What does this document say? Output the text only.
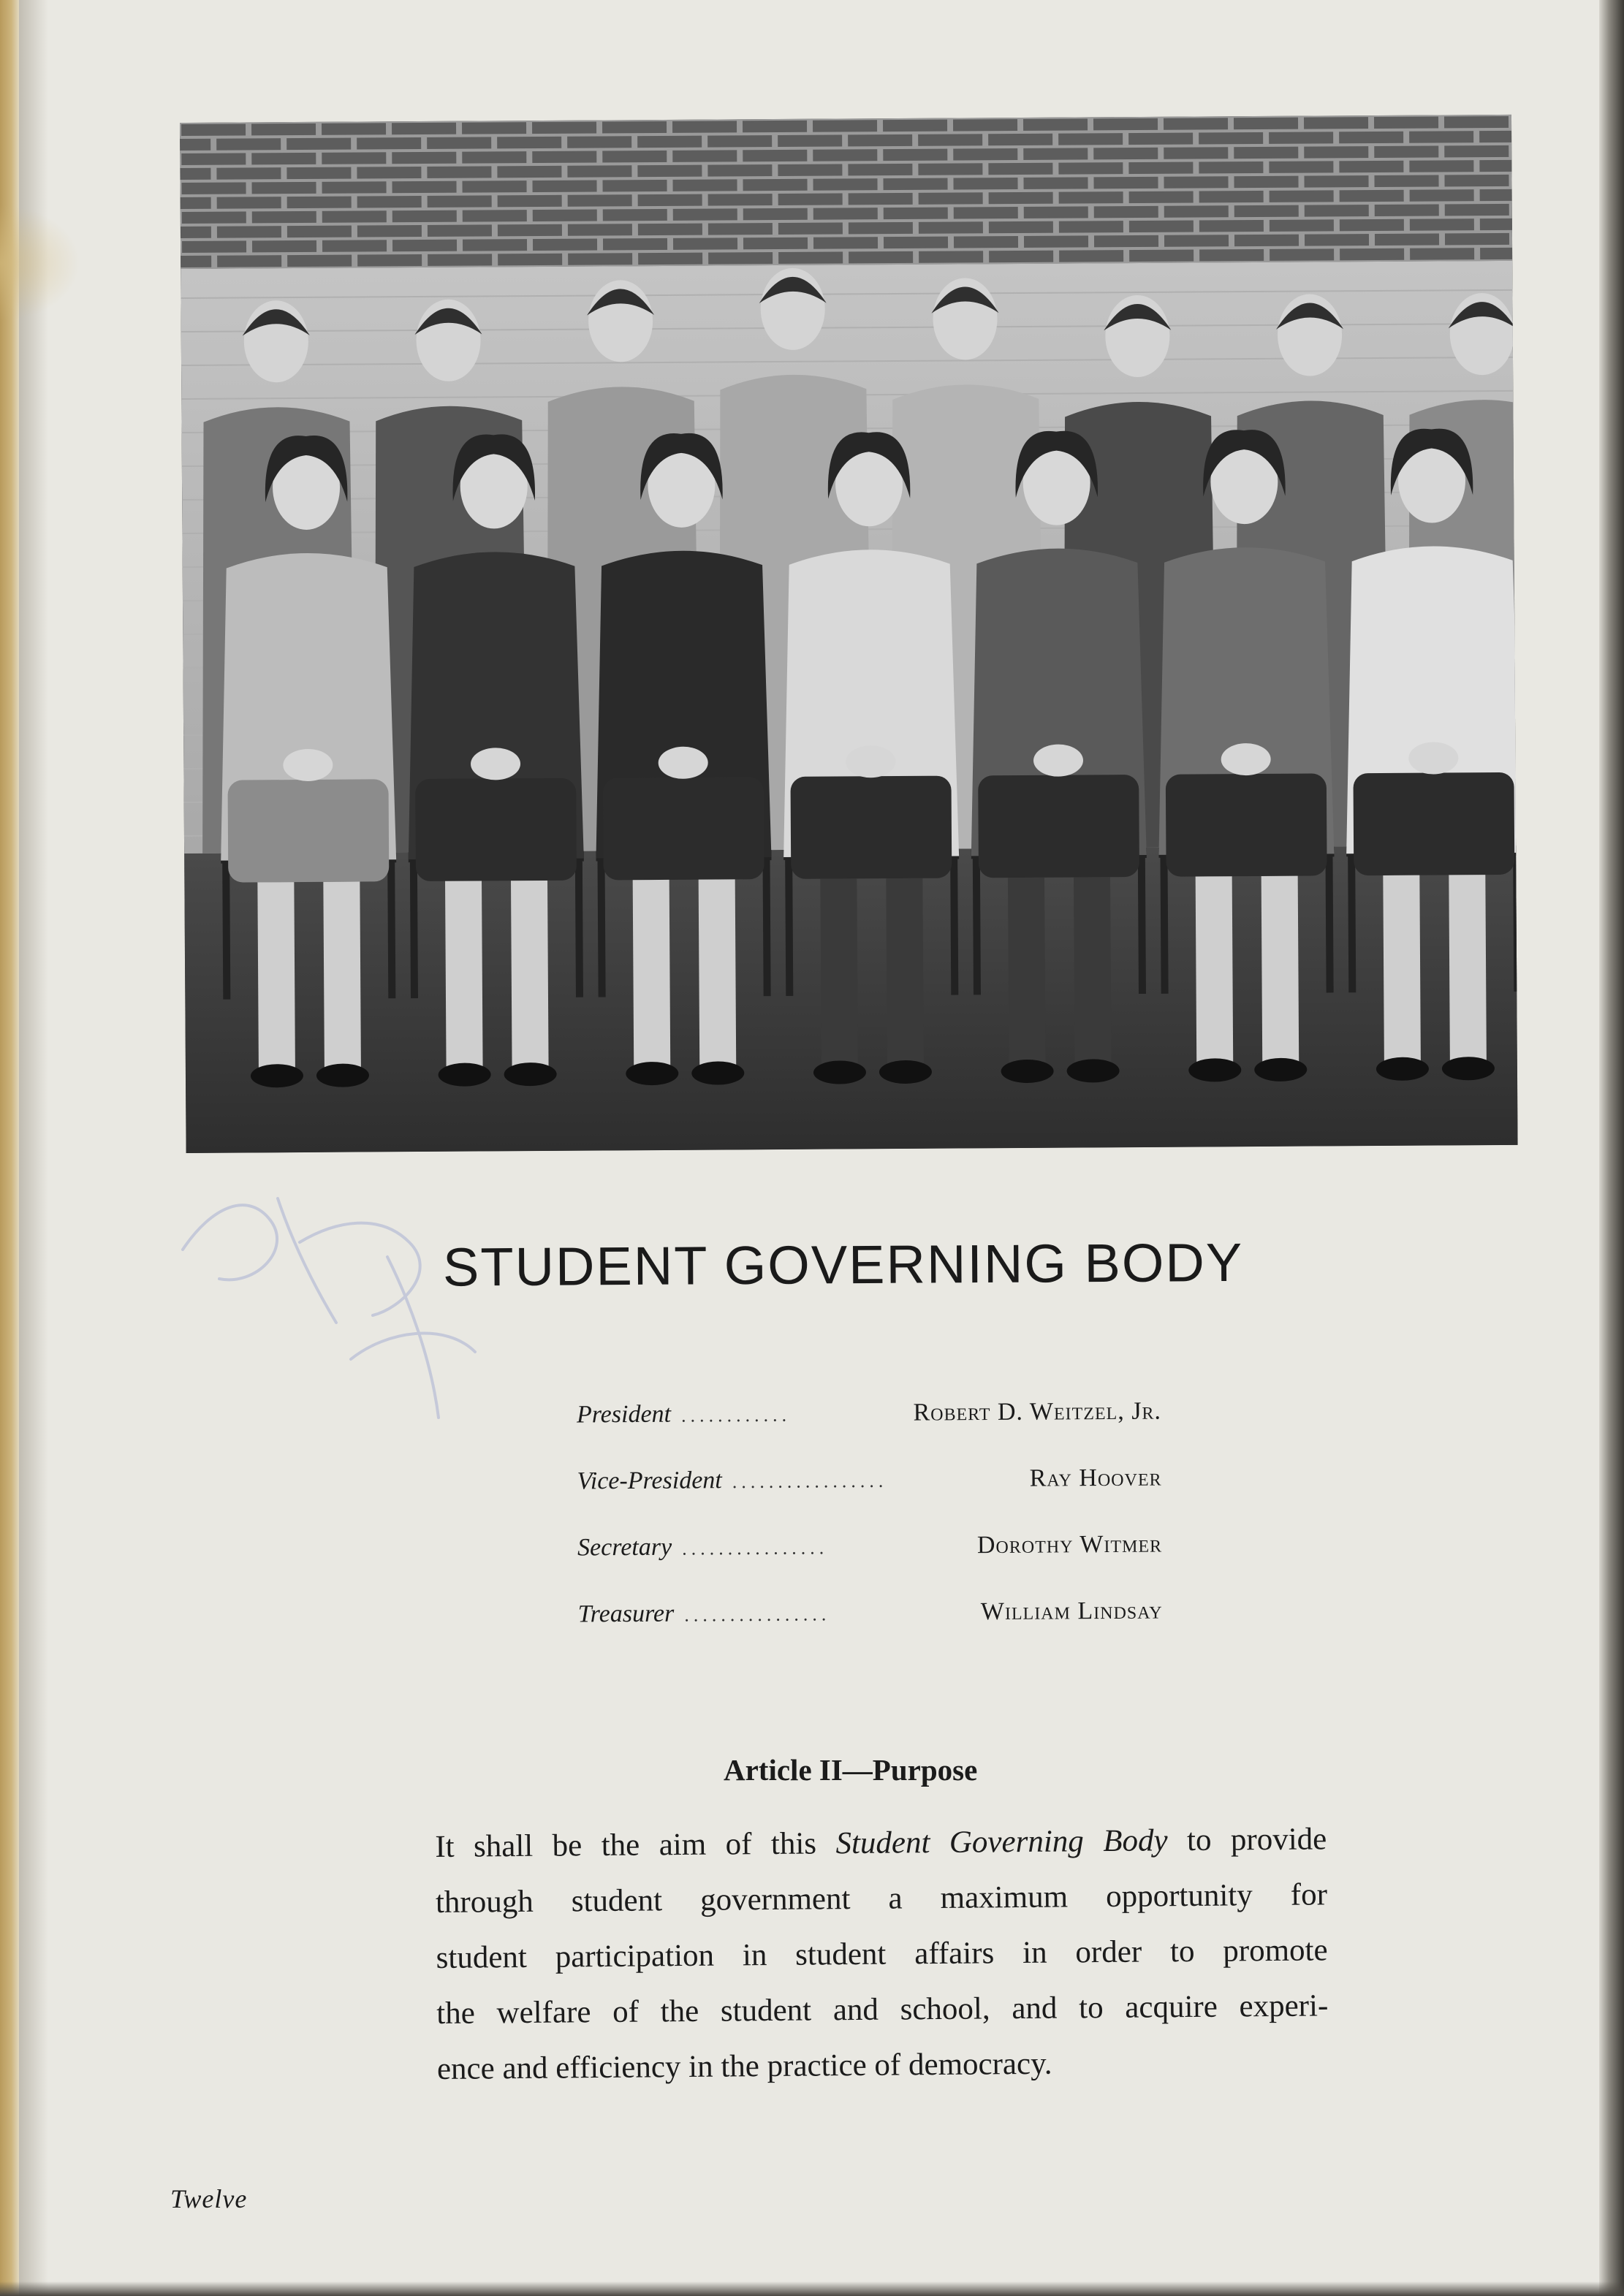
STUDENT GOVERNING BODY
President ............	Robert D. Weitzel, Jr.
Vice-President .................	Ray Hoover
Secretary ................	Dorothy Witmer
Treasurer ................	William Lindsay
Article II—Purpose
It shall be the aim of this Student Governing Body to provide
through student government a maximum opportunity for
student participation in student affairs in order to promote
the welfare of the student and school, and to acquire experi-
ence and efficiency in the practice of democracy.

Twelve
